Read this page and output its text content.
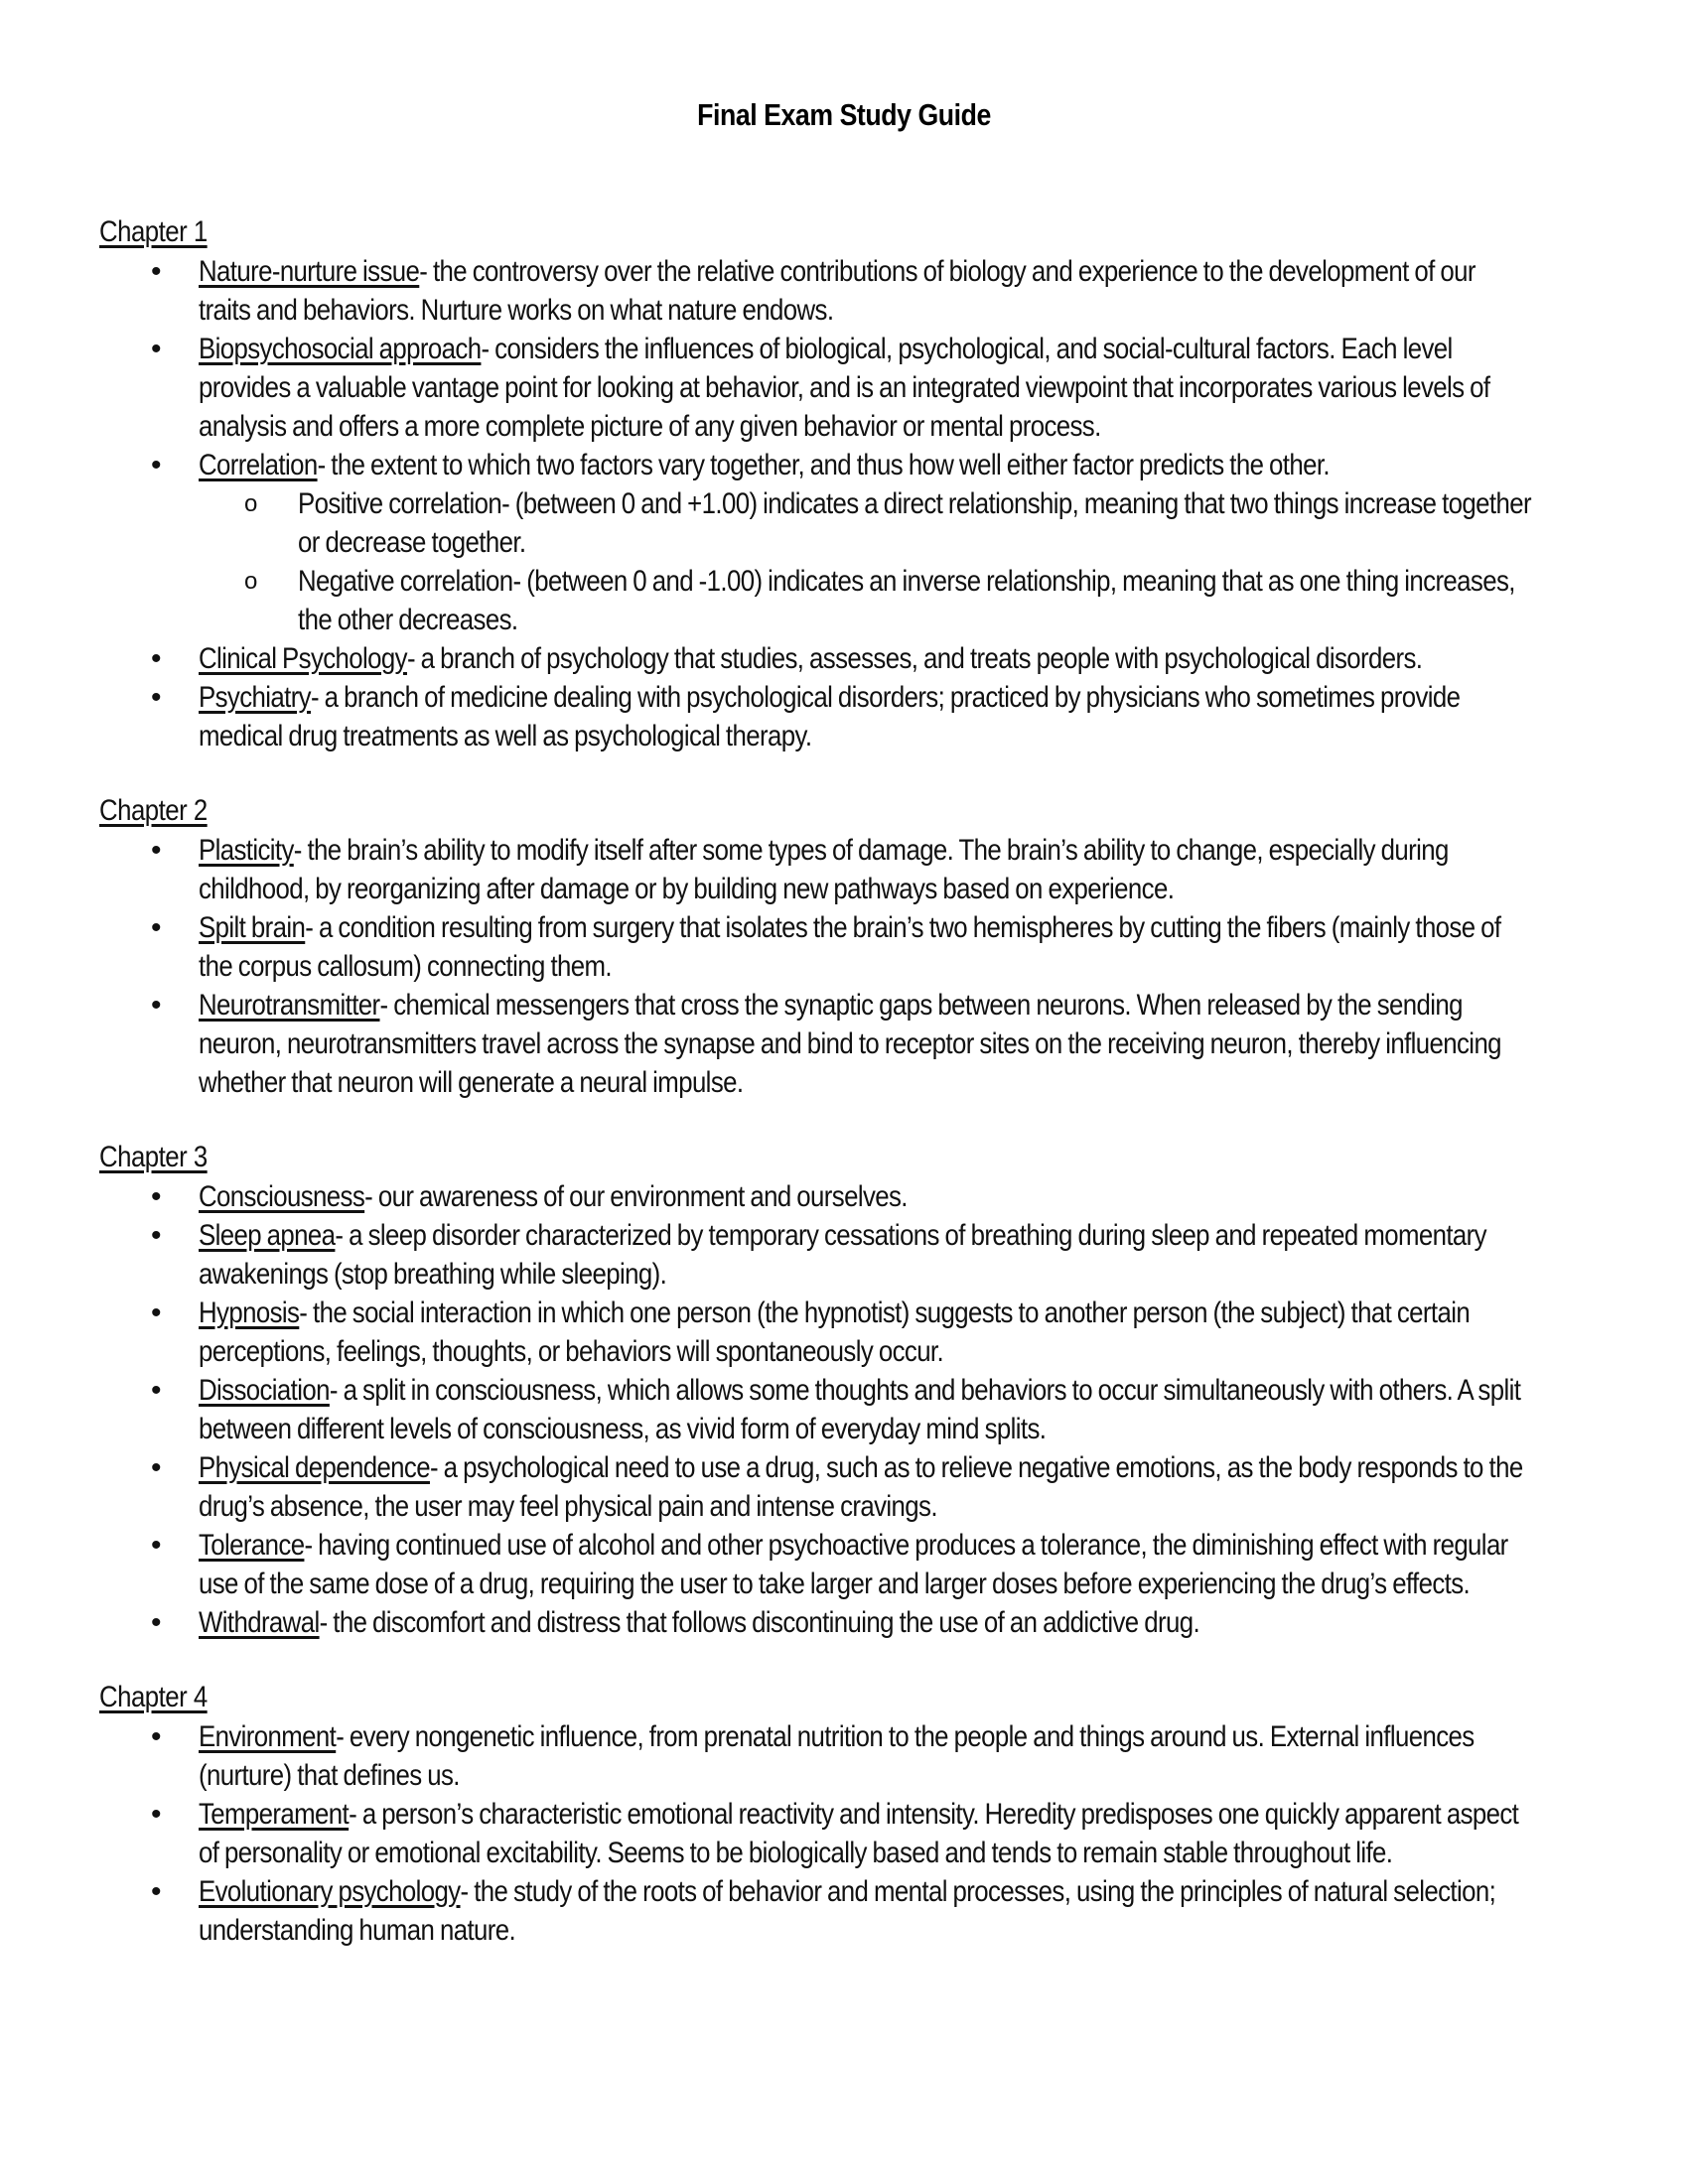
Final Exam Study Guide
Chapter 1
• Nature-nurture issue- the controversy over the relative contributions of biology and experience to the development of our traits and behaviors. Nurture works on what nature endows.
• Biopsychosocial approach- considers the influences of biological, psychological, and social-cultural factors. Each level provides a valuable vantage point for looking at behavior, and is an integrated viewpoint that incorporates various levels of analysis and offers a more complete picture of any given behavior or mental process.
• Correlation- the extent to which two factors vary together, and thus how well either factor predicts the other.
o Positive correlation- (between 0 and +1.00) indicates a direct relationship, meaning that two things increase together or decrease together.
o Negative correlation- (between 0 and -1.00) indicates an inverse relationship, meaning that as one thing increases, the other decreases.
• Clinical Psychology- a branch of psychology that studies, assesses, and treats people with psychological disorders.
• Psychiatry- a branch of medicine dealing with psychological disorders; practiced by physicians who sometimes provide medical drug treatments as well as psychological therapy.
Chapter 2
• Plasticity- the brain’s ability to modify itself after some types of damage. The brain’s ability to change, especially during childhood, by reorganizing after damage or by building new pathways based on experience.
• Spilt brain- a condition resulting from surgery that isolates the brain’s two hemispheres by cutting the fibers (mainly those of the corpus callosum) connecting them.
• Neurotransmitter- chemical messengers that cross the synaptic gaps between neurons. When released by the sending neuron, neurotransmitters travel across the synapse and bind to receptor sites on the receiving neuron, thereby influencing whether that neuron will generate a neural impulse.
Chapter 3
• Consciousness- our awareness of our environment and ourselves.
• Sleep apnea- a sleep disorder characterized by temporary cessations of breathing during sleep and repeated momentary awakenings (stop breathing while sleeping).
• Hypnosis- the social interaction in which one person (the hypnotist) suggests to another person (the subject) that certain perceptions, feelings, thoughts, or behaviors will spontaneously occur.
• Dissociation- a split in consciousness, which allows some thoughts and behaviors to occur simultaneously with others. A split between different levels of consciousness, as vivid form of everyday mind splits.
• Physical dependence- a psychological need to use a drug, such as to relieve negative emotions, as the body responds to the drug’s absence, the user may feel physical pain and intense cravings.
• Tolerance- having continued use of alcohol and other psychoactive produces a tolerance, the diminishing effect with regular use of the same dose of a drug, requiring the user to take larger and larger doses before experiencing the drug’s effects.
• Withdrawal- the discomfort and distress that follows discontinuing the use of an addictive drug.
Chapter 4
• Environment- every nongenetic influence, from prenatal nutrition to the people and things around us. External influences (nurture) that defines us.
• Temperament- a person’s characteristic emotional reactivity and intensity. Heredity predisposes one quickly apparent aspect of personality or emotional excitability. Seems to be biologically based and tends to remain stable throughout life.
• Evolutionary psychology- the study of the roots of behavior and mental processes, using the principles of natural selection; understanding human nature.
